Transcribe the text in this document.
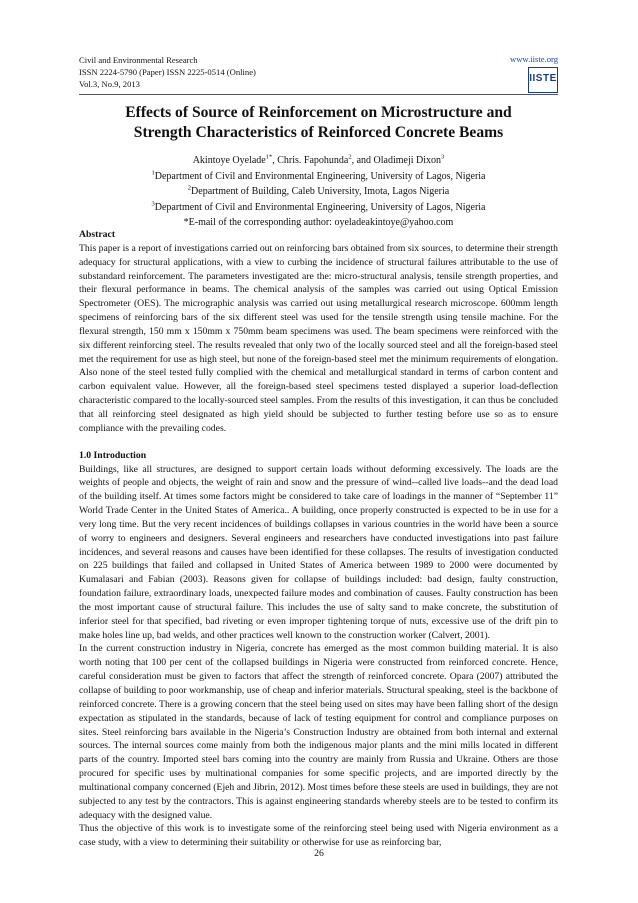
Civil and Environmental Research
ISSN 2224-5790 (Paper) ISSN 2225-0514 (Online)
Vol.3, No.9, 2013
www.iiste.org
IISTE
Effects of Source of Reinforcement on Microstructure and
Strength Characteristics of Reinforced Concrete Beams
Akintoye Oyelade$^{1*}$, Chris. Fapohunda$^2$, and Oladimeji Dixon$^3$
$^1$Department of Civil and Environmental Engineering, University of Lagos, Nigeria
$^2$Department of Building, Caleb University, Imota, Lagos Nigeria
$^3$Department of Civil and Environmental Engineering, University of Lagos, Nigeria
*E-mail of the corresponding author: oyeladeakintoye@yahoo.com

Abstract

This paper is a report of investigations carried out on reinforcing bars obtained from six sources, to determine their strength adequacy for structural applications, with a view to curbing the incidence of structural failures attributable to the use of substandard reinforcement. The parameters investigated are the: micro-structural analysis, tensile strength properties, and their flexural performance in beams. The chemical analysis of the samples was carried out using Optical Emission Spectrometer (OES). The micrographic analysis was carried out using metallurgical research microscope. 600mm length specimens of reinforcing bars of the six different steel was used for the tensile strength using tensile machine. For the flexural strength, 150 mm x 150mm x 750mm beam specimens was used. The beam specimens were reinforced with the six different reinforcing steel. The results revealed that only two of the locally sourced steel and all the foreign-based steel met the requirement for use as high steel, but none of the foreign-based steel met the minimum requirements of elongation. Also none of the steel tested fully complied with the chemical and metallurgical standard in terms of carbon content and carbon equivalent value. However, all the foreign-based steel specimens tested displayed a superior load-deflection characteristic compared to the locally-sourced steel samples. From the results of this investigation, it can thus be concluded that all reinforcing steel designated as high yield should be subjected to further testing before use so as to ensure compliance with the prevailing codes.

1.0 Introduction

Buildings, like all structures, are designed to support certain loads without deforming excessively. The loads are the weights of people and objects, the weight of rain and snow and the pressure of wind--called live loads--and the dead load of the building itself. At times some factors might be considered to take care of loadings in the manner of “September 11” World Trade Center in the United States of America.. A building, once properly constructed is expected to be in use for a very long time. But the very recent incidences of buildings collapses in various countries in the world have been a source of worry to engineers and designers. Several engineers and researchers have conducted investigations into past failure incidences, and several reasons and causes have been identified for these collapses. The results of investigation conducted on 225 buildings that failed and collapsed in United States of America between 1989 to 2000 were documented by Kumalasari and Fabian (2003). Reasons given for collapse of buildings included: bad design, faulty construction, foundation failure, extraordinary loads, unexpected failure modes and combination of causes. Faulty construction has been the most important cause of structural failure. This includes the use of salty sand to make concrete, the substitution of inferior steel for that specified, bad riveting or even improper tightening torque of nuts, excessive use of the drift pin to make holes line up, bad welds, and other practices well known to the construction worker (Calvert, 2001).

In the current construction industry in Nigeria, concrete has emerged as the most common building material. It is also worth noting that 100 per cent of the collapsed buildings in Nigeria were constructed from reinforced concrete. Hence, careful consideration must be given to factors that affect the strength of reinforced concrete. Opara (2007) attributed the collapse of building to poor workmanship, use of cheap and inferior materials. Structural speaking, steel is the backbone of reinforced concrete. There is a growing concern that the steel being used on sites may have been falling short of the design expectation as stipulated in the standards, because of lack of testing equipment for control and compliance purposes on sites. Steel reinforcing bars available in the Nigeria’s Construction Industry are obtained from both internal and external sources. The internal sources come mainly from both the indigenous major plants and the mini mills located in different parts of the country. Imported steel bars coming into the country are mainly from Russia and Ukraine. Others are those procured for specific uses by multinational companies for some specific projects, and are imported directly by the multinational company concerned (Ejeh and Jibrin, 2012). Most times before these steels are used in buildings, they are not subjected to any test by the contractors. This is against engineering standards whereby steels are to be tested to confirm its adequacy with the designed value.

Thus the objective of this work is to investigate some of the reinforcing steel being used with Nigeria environment as a case study, with a view to determining their suitability or otherwise for use as reinforcing bar,

26
